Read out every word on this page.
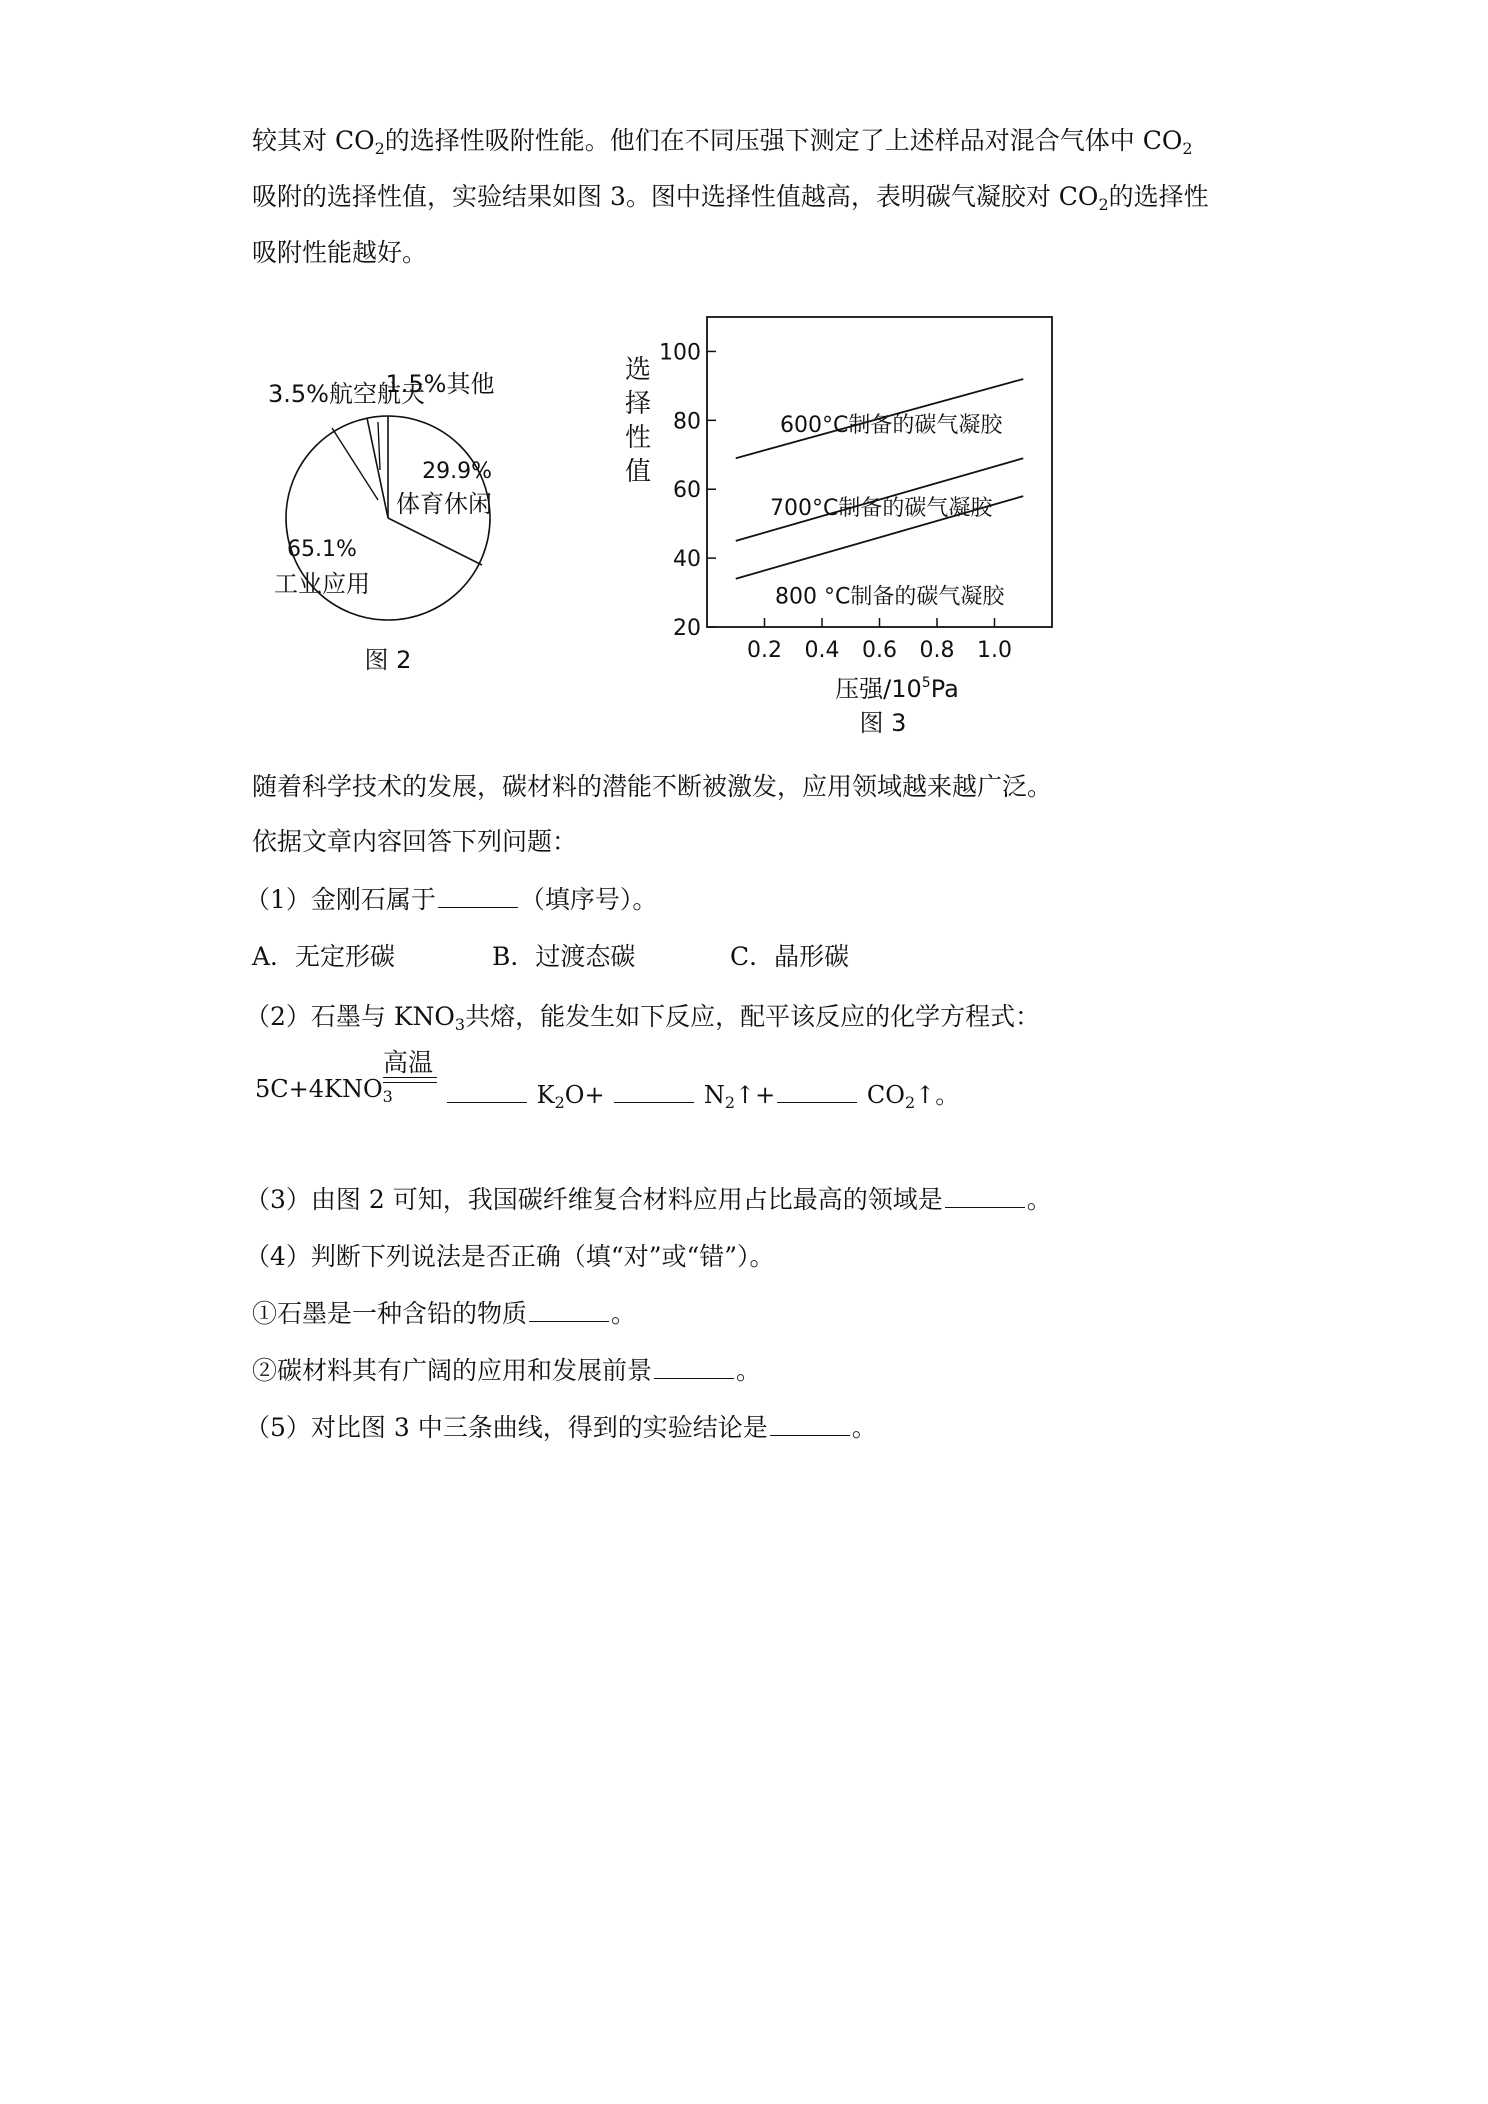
较其对 $CO_2$的选择性吸附性能。他们在不同压强下测定了上述样品对混合气体中 $CO_2$
吸附的选择性值，实验结果如图 3。图中选择性值越高，表明碳气凝胶对 $CO_2$的选择性
吸附性能越好。
3.5%航空航天
1.5%其他
29.9%
体育休闲
65.1%
工业应用
图 2
选
择
性
值
20
40
60
80
100
0.2 0.4 0.6 0.8 1.0
600°C制备的碳气凝胶
700°C制备的碳气凝胶
800 °C制备的碳气凝胶
压强$/10^5Pa$
图 3
随着科学技术的发展，碳材料的潜能不断被激发，应用领域越来越广泛。
依据文章内容回答下列问题：
（1）金刚石属于	（填序号）。
A．无定形碳	B．过渡态碳	C．晶形碳
（2）石墨与 $KNO_3$共熔，能发生如下反应，配平该反应的化学方程式：
高温
$5C+4KNO_3$	$K_2O+$	$N_2↑+$	$CO_2↑$。
（3）由图 2 可知，我国碳纤维复合材料应用占比最高的领域是	。
（4）判断下列说法是否正确（填“对”或“错”）。
①石墨是一种含铅的物质	。
②碳材料其有广阔的应用和发展前景	。
（5）对比图 3 中三条曲线，得到的实验结论是	。
